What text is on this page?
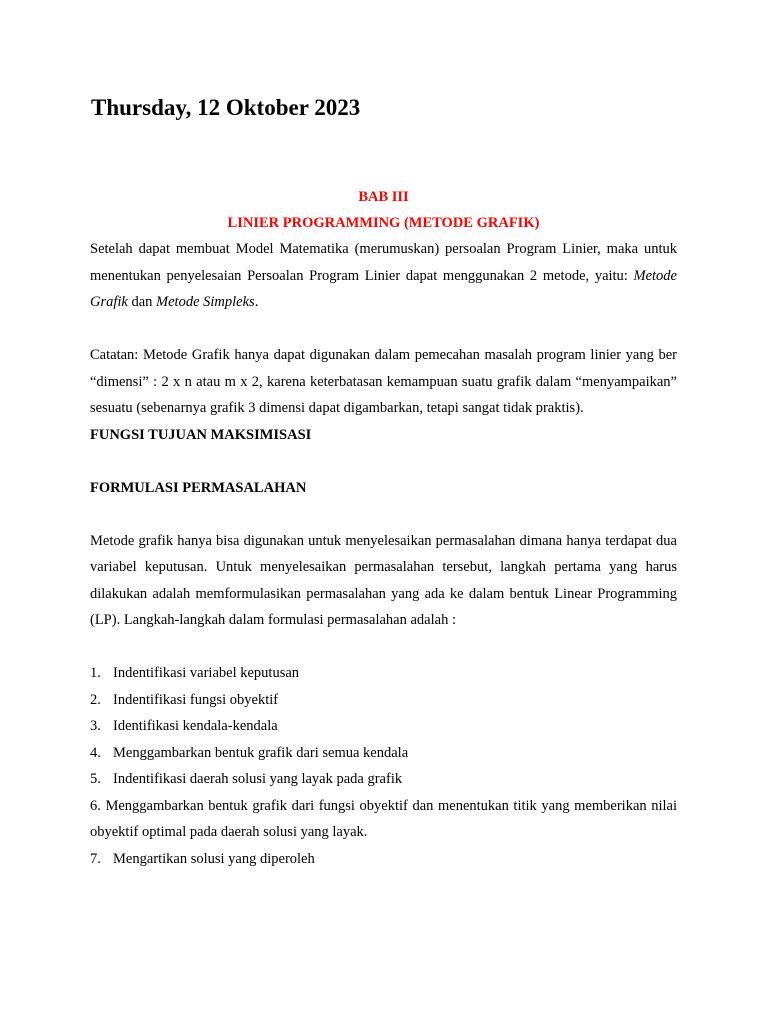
Thursday, 12 Oktober 2023

BAB III

LINIER PROGRAMMING (METODE GRAFIK)

Setelah dapat membuat Model Matematika (merumuskan) persoalan Program Linier, maka untuk menentukan penyelesaian Persoalan Program Linier dapat menggunakan 2 metode, yaitu: Metode Grafik dan Metode Simpleks.

Catatan: Metode Grafik hanya dapat digunakan dalam pemecahan masalah program linier yang ber “dimensi” : 2 x n atau m x 2, karena keterbatasan kemampuan suatu grafik dalam “menyampaikan” sesuatu (sebenarnya grafik 3 dimensi dapat digambarkan, tetapi sangat tidak praktis).

FUNGSI TUJUAN MAKSIMISASI

FORMULASI PERMASALAHAN

Metode grafik hanya bisa digunakan untuk menyelesaikan permasalahan dimana hanya terdapat dua variabel keputusan. Untuk menyelesaikan permasalahan tersebut, langkah pertama yang harus dilakukan adalah memformulasikan permasalahan yang ada ke dalam bentuk Linear Programming (LP). Langkah-langkah dalam formulasi permasalahan adalah :

1. Indentifikasi variabel keputusan
2. Indentifikasi fungsi obyektif
3. Identifikasi kendala-kendala
4. Menggambarkan bentuk grafik dari semua kendala
5. Indentifikasi daerah solusi yang layak pada grafik
6. Menggambarkan bentuk grafik dari fungsi obyektif dan menentukan titik yang memberikan nilai obyektif optimal pada daerah solusi yang layak.
7. Mengartikan solusi yang diperoleh
